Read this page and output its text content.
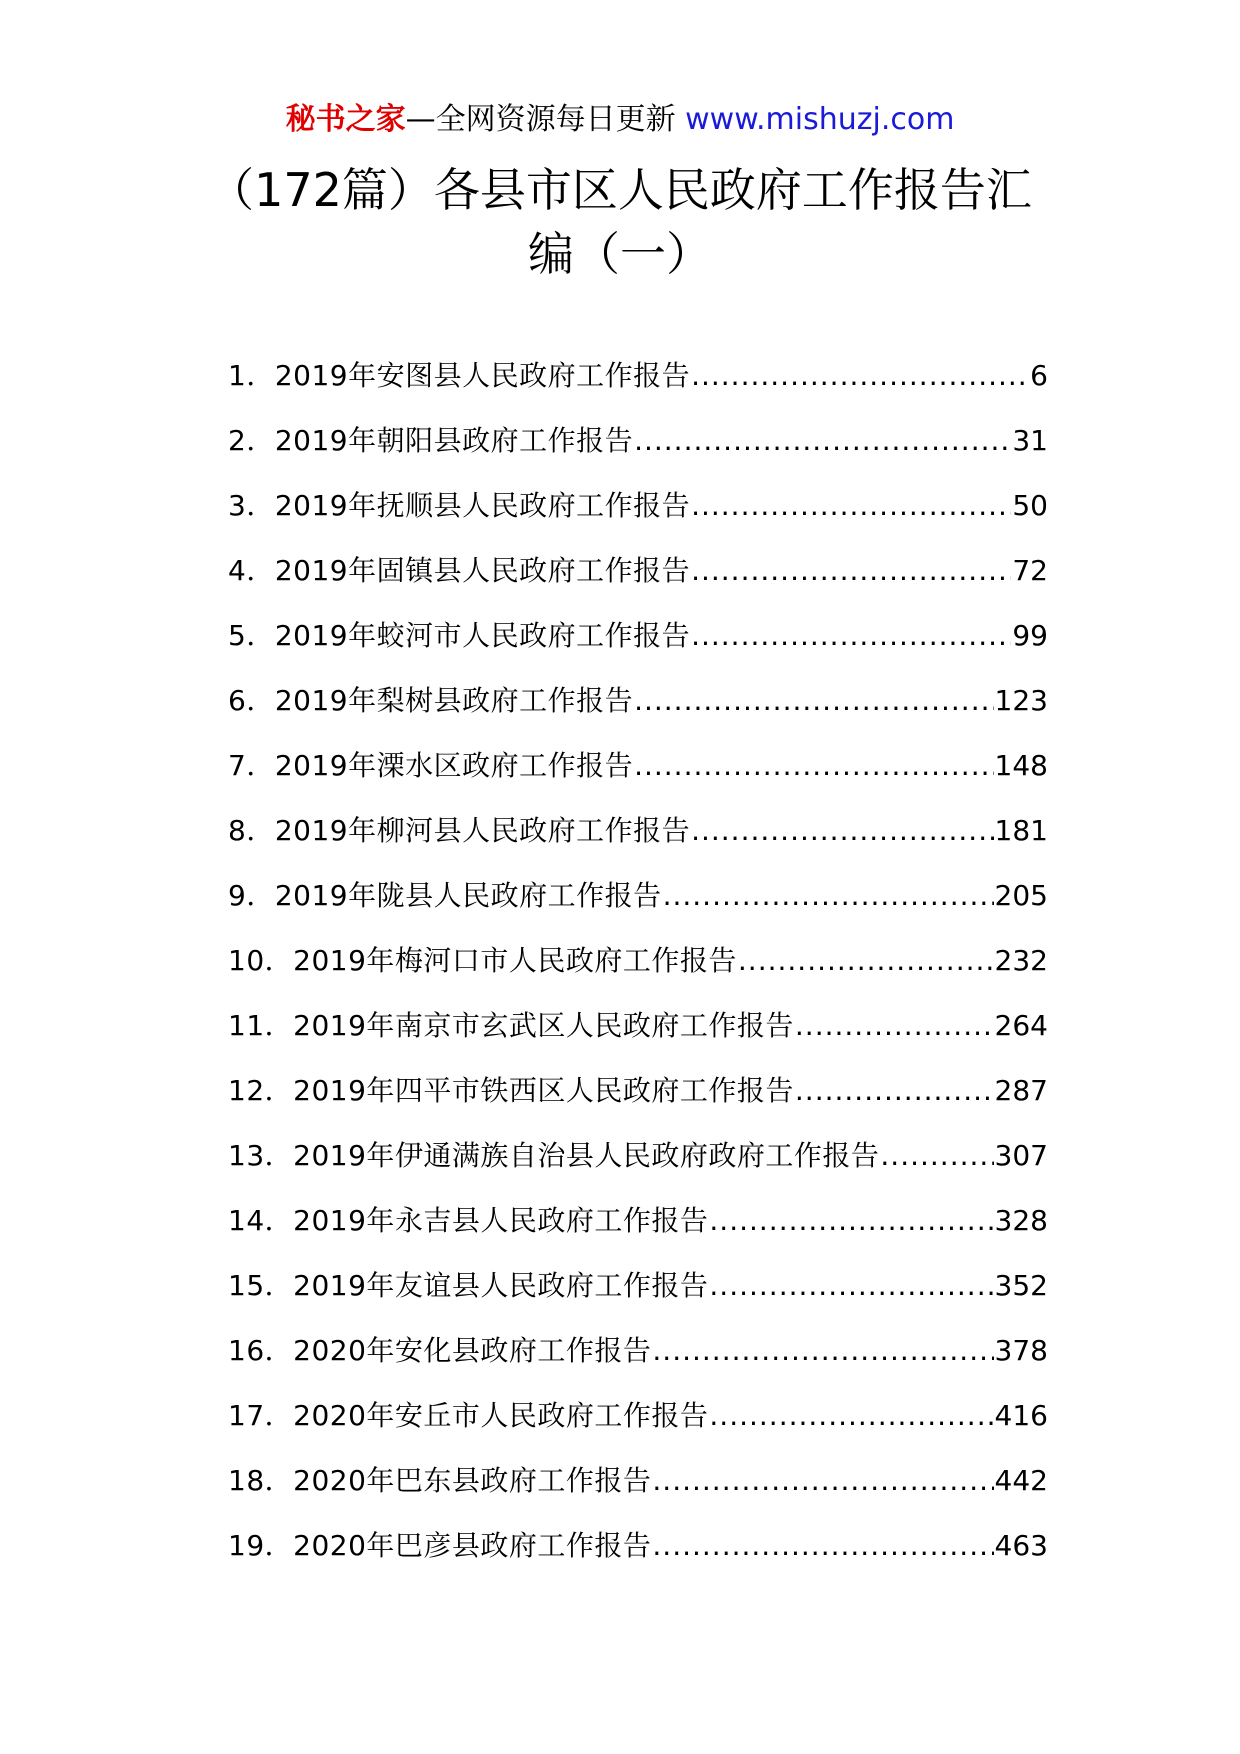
秘书之家—全网资源每日更新 www.mishuzj.com
（172篇）各县市区人民政府工作报告汇编（一）
1．2019年安图县人民政府工作报告 .....	6
2．2019年朝阳县政府工作报告 .....	31
3．2019年抚顺县人民政府工作报告 .....	50
4．2019年固镇县人民政府工作报告 .....	72
5．2019年蛟河市人民政府工作报告 .....	99
6．2019年梨树县政府工作报告 .....	123
7．2019年溧水区政府工作报告 .....	148
8．2019年柳河县人民政府工作报告 .....	181
9．2019年陇县人民政府工作报告 .....	205
10．2019年梅河口市人民政府工作报告 .....	232
11．2019年南京市玄武区人民政府工作报告 .....	264
12．2019年四平市铁西区人民政府工作报告 .....	287
13．2019年伊通满族自治县人民政府政府工作报告 .....	307
14．2019年永吉县人民政府工作报告 .....	328
15．2019年友谊县人民政府工作报告 .....	352
16．2020年安化县政府工作报告 .....	378
17．2020年安丘市人民政府工作报告 .....	416
18．2020年巴东县政府工作报告 .....	442
19．2020年巴彦县政府工作报告 .....	463
